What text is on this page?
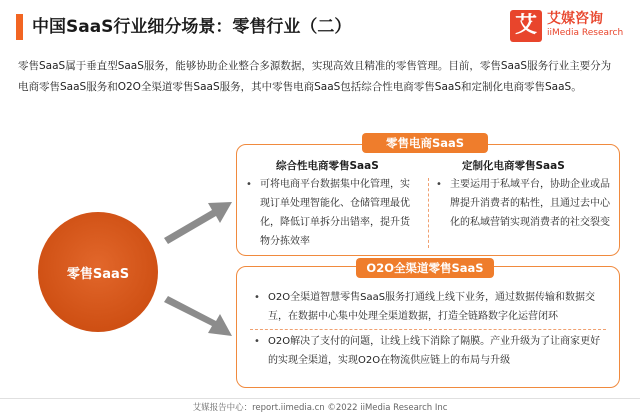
中国SaaS行业细分场景：零售行业（二）	艾 艾媒咨询
iiMedia Research
零售SaaS属于垂直型SaaS服务，能够协助企业整合多源数据，实现高效且精准的零售管理。目前，零售SaaS服务行业主要分为电商零售SaaS服务和O2O全渠道零售SaaS服务，其中零售电商SaaS包括综合性电商零售SaaS和定制化电商零售SaaS。
零售SaaS
零售电商SaaS
综合性电商零售SaaS
• 可将电商平台数据集中化管理，实现订单处理智能化、仓储管理最优化，降低订单拆分出错率，提升货物分拣效率
定制化电商零售SaaS
• 主要运用于私域平台，协助企业或品牌提升消费者的粘性，且通过去中心化的私域营销实现消费者的社交裂变
O2O全渠道零售SaaS
• O2O全渠道智慧零售SaaS服务打通线上线下业务，通过数据传输和数据交互，在数据中心集中处理全渠道数据，打造全链路数字化运营闭环
• O2O解决了支付的问题，让线上线下消除了隔膜。产业升级为了让商家更好的实现全渠道，实现O2O在物流供应链上的布局与升级
艾媒报告中心：report.iimedia.cn ©2022 iiMedia Research Inc
